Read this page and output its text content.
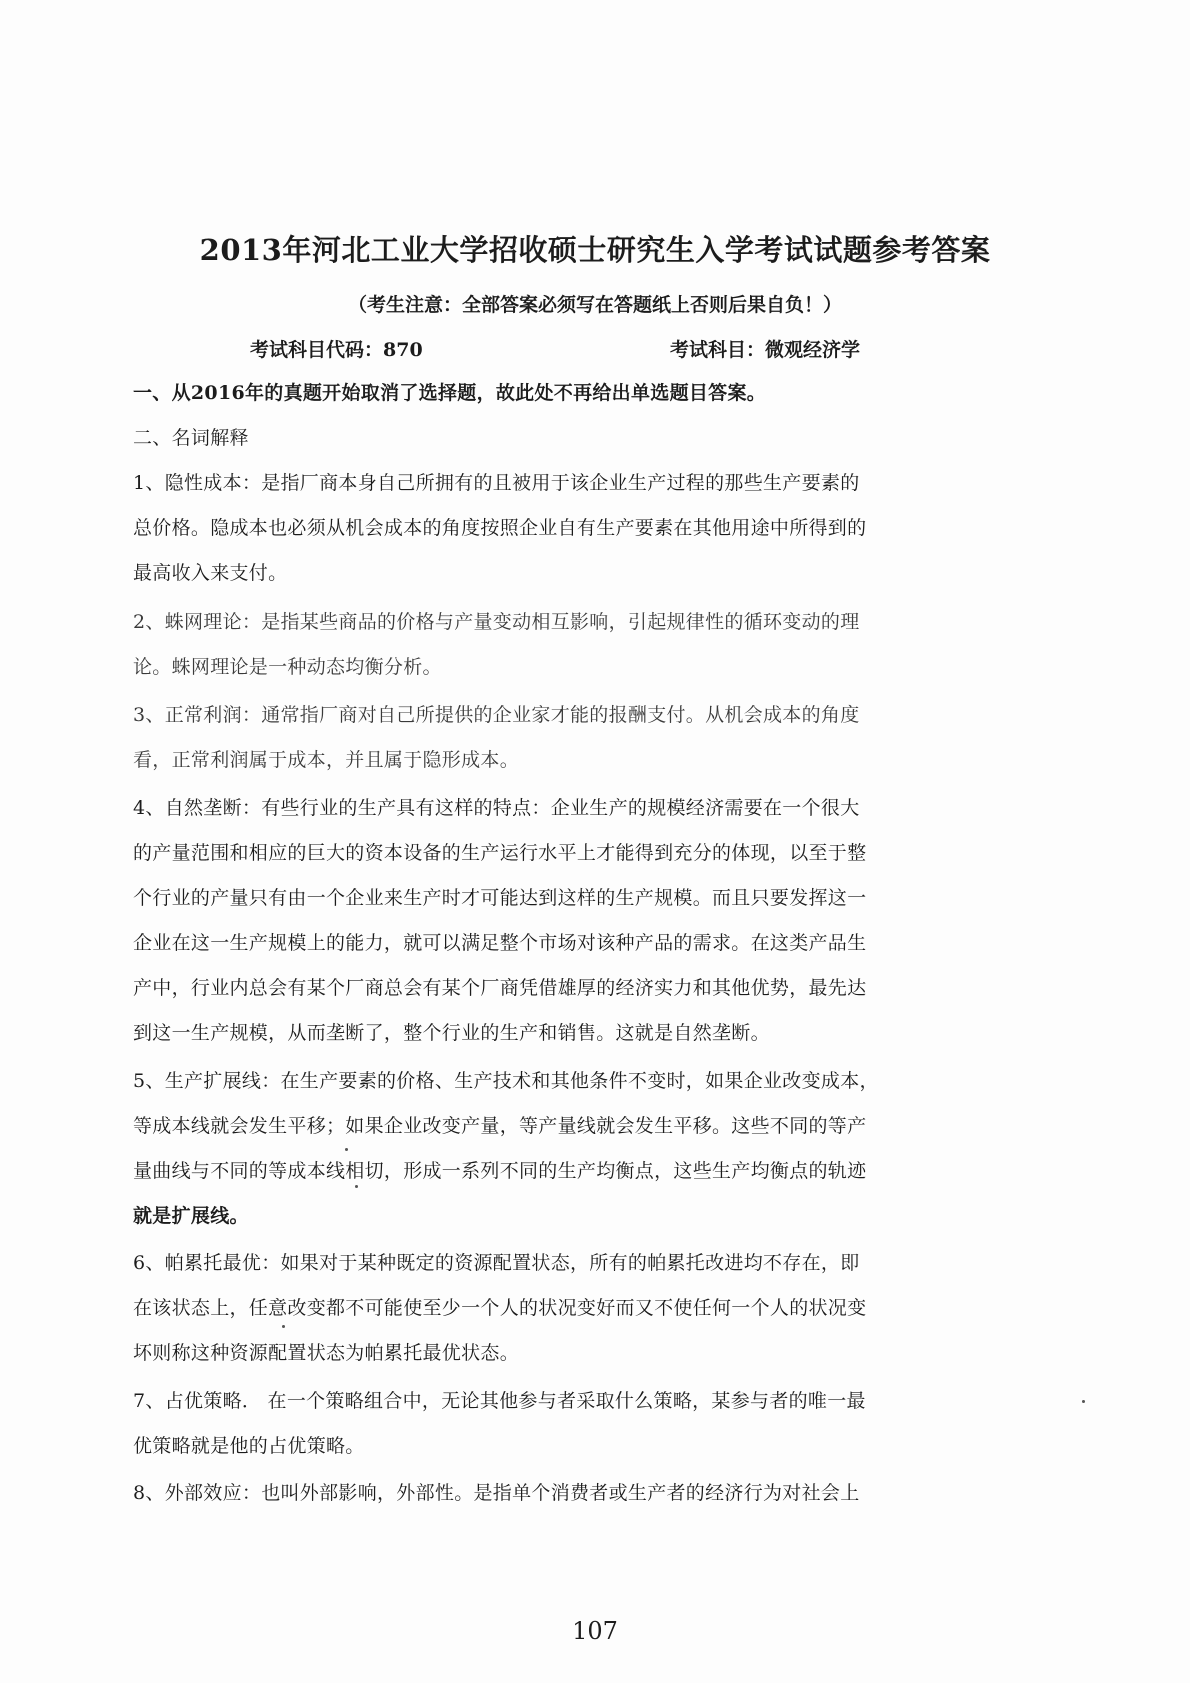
2013年河北工业大学招收硕士研究生入学考试试题参考答案
（考生注意：全部答案必须写在答题纸上否则后果自负！）
考试科目代码：870	考试科目：微观经济学
一、从2016年的真题开始取消了选择题，故此处不再给出单选题目答案。
二、名词解释
1、隐性成本：是指厂商本身自己所拥有的且被用于该企业生产过程的那些生产要素的
总价格。隐成本也必须从机会成本的角度按照企业自有生产要素在其他用途中所得到的
最高收入来支付。
2、蛛网理论：是指某些商品的价格与产量变动相互影响，引起规律性的循环变动的理
论。蛛网理论是一种动态均衡分析。
3、正常利润：通常指厂商对自己所提供的企业家才能的报酬支付。从机会成本的角度
看，正常利润属于成本，并且属于隐形成本。
4、自然垄断：有些行业的生产具有这样的特点：企业生产的规模经济需要在一个很大
的产量范围和相应的巨大的资本设备的生产运行水平上才能得到充分的体现，以至于整
个行业的产量只有由一个企业来生产时才可能达到这样的生产规模。而且只要发挥这一
企业在这一生产规模上的能力，就可以满足整个市场对该种产品的需求。在这类产品生
产中，行业内总会有某个厂商总会有某个厂商凭借雄厚的经济实力和其他优势，最先达
到这一生产规模，从而垄断了，整个行业的生产和销售。这就是自然垄断。
5、生产扩展线：在生产要素的价格、生产技术和其他条件不变时，如果企业改变成本，
等成本线就会发生平移；如果企业改变产量，等产量线就会发生平移。这些不同的等产
量曲线与不同的等成本线相切，形成一系列不同的生产均衡点，这些生产均衡点的轨迹
就是扩展线。
6、帕累托最优：如果对于某种既定的资源配置状态，所有的帕累托改进均不存在，即
在该状态上，任意改变都不可能使至少一个人的状况变好而又不使任何一个人的状况变
坏则称这种资源配置状态为帕累托最优状态。
7、占优策略． 在一个策略组合中，无论其他参与者采取什么策略，某参与者的唯一最
优策略就是他的占优策略。
8、外部效应：也叫外部影响，外部性。是指单个消费者或生产者的经济行为对社会上
107
